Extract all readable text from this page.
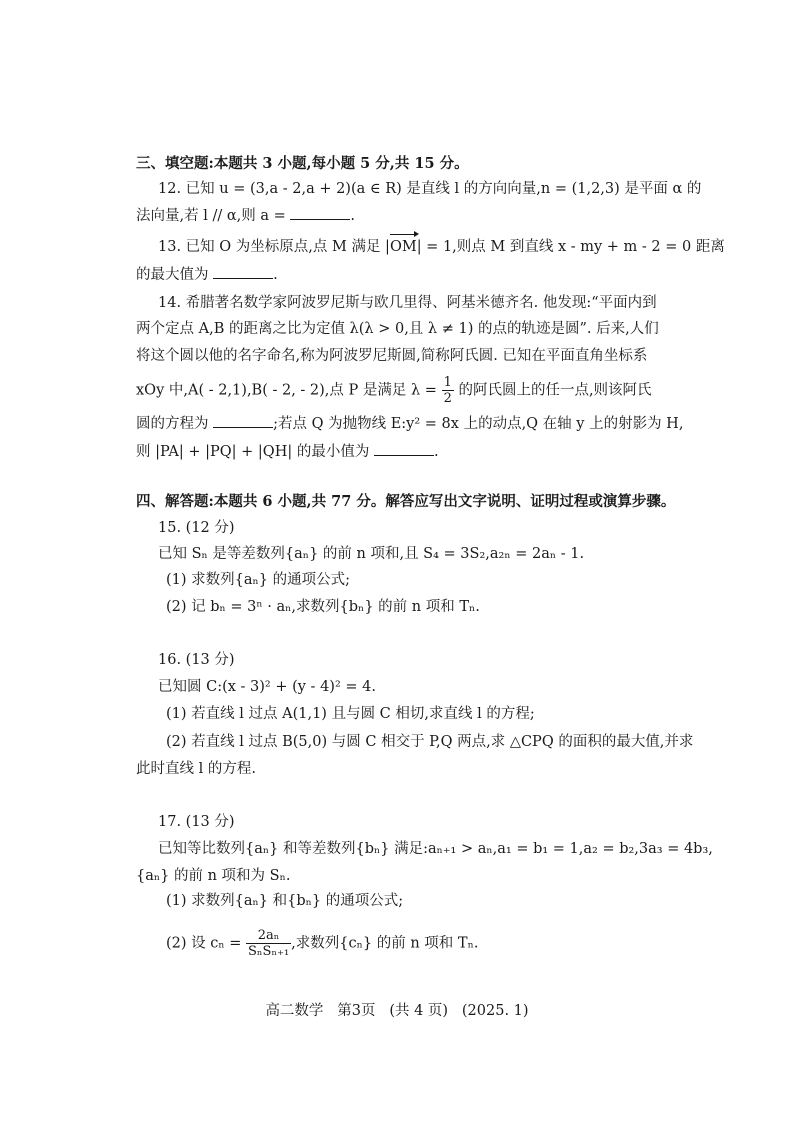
三、填空题:本题共 3 小题,每小题 5 分,共 15 分。
12. 已知 u = (3,a - 2,a + 2)(a ∈ R) 是直线 l 的方向向量,n = (1,2,3) 是平面 α 的
法向量,若 l // α,则 a =	.
13. 已知 O 为坐标原点,点 M 满足 |OM| = 1,则点 M 到直线 x - my + m - 2 = 0 距离
的最大值为	.
14. 希腊著名数学家阿波罗尼斯与欧几里得、阿基米德齐名. 他发现:“平面内到
两个定点 A,B 的距离之比为定值 λ(λ > 0,且 λ ≠ 1) 的点的轨迹是圆”. 后来,人们
将这个圆以他的名字命名,称为阿波罗尼斯圆,简称阿氏圆. 已知在平面直角坐标系
xOy 中,A( - 2,1),B( - 2, - 2),点 P 是满足 $\lambda = \frac{1}{2}$ 的阿氏圆上的任一点,则该阿氏
圆的方程为	;若点 Q 为抛物线 E:y² = 8x 上的动点,Q 在轴 y 上的射影为 H,
则 |PA| + |PQ| + |QH| 的最小值为	.
四、解答题:本题共 6 小题,共 77 分。解答应写出文字说明、证明过程或演算步骤。
15. (12 分)
已知 Sₙ 是等差数列{aₙ} 的前 n 项和,且 S₄ = 3S₂,a₂ₙ = 2aₙ - 1.
(1) 求数列{aₙ} 的通项公式;
(2) 记 bₙ = 3ⁿ · aₙ,求数列{bₙ} 的前 n 项和 Tₙ.
16. (13 分)
已知圆 C:(x - 3)² + (y - 4)² = 4.
(1) 若直线 l 过点 A(1,1) 且与圆 C 相切,求直线 l 的方程;
(2) 若直线 l 过点 B(5,0) 与圆 C 相交于 P,Q 两点,求 △CPQ 的面积的最大值,并求
此时直线 l 的方程.
17. (13 分)
已知等比数列{aₙ} 和等差数列{bₙ} 满足:aₙ₊₁ > aₙ,a₁ = b₁ = 1,a₂ = b₂,3a₃ = 4b₃,
{aₙ} 的前 n 项和为 Sₙ.
(1) 求数列{aₙ} 和{bₙ} 的通项公式;
(2) 设 $c_n = \frac{\text{2aₙ}}{\text{SₙSₙ₊₁}}$ ,求数列{cₙ} 的前 n 项和 Tₙ.
高二数学   第3页   (共 4 页)   (2025. 1)
